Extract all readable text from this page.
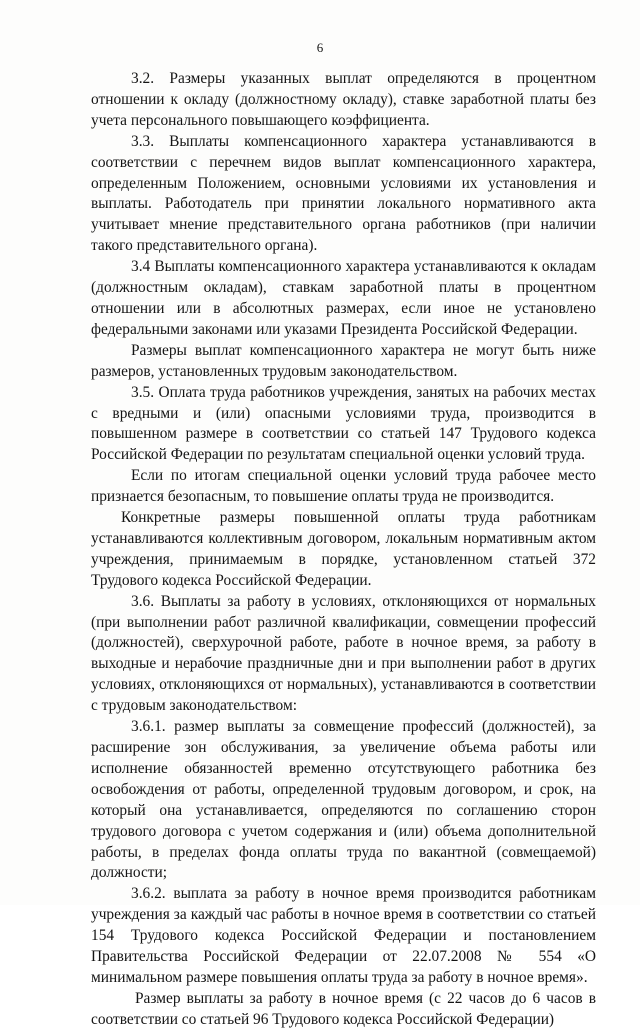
6

3.2. Размеры указанных выплат определяются в процентном отношении к окладу (должностному окладу), ставке заработной платы без учета персонального повышающего коэффициента.

3.3. Выплаты компенсационного характера устанавливаются в соответствии с перечнем видов выплат компенсационного характера, определенным Положением, основными условиями их установления и выплаты. Работодатель при принятии локального нормативного акта учитывает мнение представительного органа работников (при наличии такого представительного органа).

3.4 Выплаты компенсационного характера устанавливаются к окладам (должностным окладам), ставкам заработной платы в процентном отношении или в абсолютных размерах, если иное не установлено федеральными законами или указами Президента Российской Федерации.

Размеры выплат компенсационного характера не могут быть ниже размеров, установленных трудовым законодательством.

3.5. Оплата труда работников учреждения, занятых на рабочих местах с вредными и (или) опасными условиями труда, производится в повышенном размере в соответствии со статьей 147 Трудового кодекса Российской Федерации по результатам специальной оценки условий труда.

Если по итогам специальной оценки условий труда рабочее место признается безопасным, то повышение оплаты труда не производится.

Конкретные размеры повышенной оплаты труда работникам устанавливаются коллективным договором, локальным нормативным актом учреждения, принимаемым в порядке, установленном статьей 372 Трудового кодекса Российской Федерации.

3.6. Выплаты за работу в условиях, отклоняющихся от нормальных (при выполнении работ различной квалификации, совмещении профессий (должностей), сверхурочной работе, работе в ночное время, за работу в выходные и нерабочие праздничные дни и при выполнении работ в других условиях, отклоняющихся от нормальных), устанавливаются в соответствии с трудовым законодательством:

3.6.1. размер выплаты за совмещение профессий (должностей), за расширение зон обслуживания, за увеличение объема работы или исполнение обязанностей временно отсутствующего работника без освобождения от работы, определенной трудовым договором, и срок, на который она устанавливается, определяются по соглашению сторон трудового договора с учетом содержания и (или) объема дополнительной работы, в пределах фонда оплаты труда по вакантной (совмещаемой) должности;

3.6.2. выплата за работу в ночное время производится работникам учреждения за каждый час работы в ночное время в соответствии со статьей 154 Трудового кодекса Российской Федерации и постановлением Правительства Российской Федерации от 22.07.2008 № 554 «О минимальном размере повышения оплаты труда за работу в ночное время».

Размер выплаты за работу в ночное время (с 22 часов до 6 часов в соответствии со статьей 96 Трудового кодекса Российской Федерации)
